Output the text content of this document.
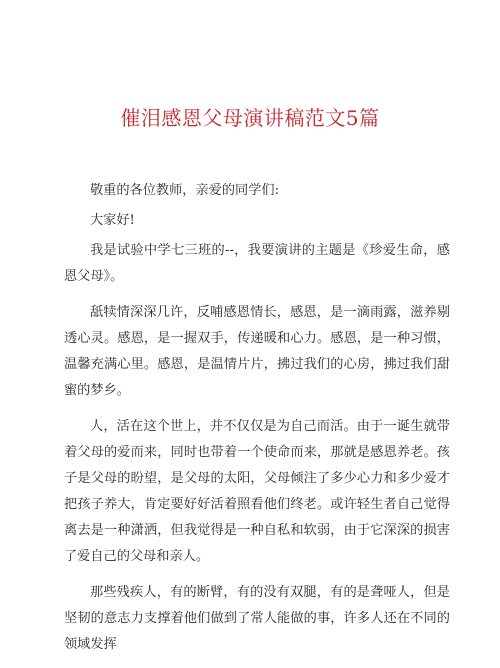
催泪感恩父母演讲稿范文5篇

敬重的各位教师，亲爱的同学们:

大家好!

我是试验中学七三班的--，我要演讲的主题是《珍爱生命，感恩父母》。

舐犊情深深几许，反哺感恩情长，感恩，是一滴雨露，滋养剔透心灵。感恩，是一握双手，传递暖和心力。感恩，是一种习惯，温馨充满心里。感恩，是温情片片，拂过我们的心房，拂过我们甜蜜的梦乡。

人，活在这个世上，并不仅仅是为自己而活。由于一诞生就带着父母的爱而来，同时也带着一个使命而来，那就是感恩养老。孩子是父母的盼望，是父母的太阳，父母倾注了多少心力和多少爱才把孩子养大，肯定要好好活着照看他们终老。或许轻生者自己觉得离去是一种潇洒，但我觉得是一种自私和软弱，由于它深深的损害了爱自己的父母和亲人。

那些残疾人，有的断臂，有的没有双腿，有的是聋哑人，但是坚韧的意志力支撑着他们做到了常人能做的事，许多人还在不同的领域发挥
